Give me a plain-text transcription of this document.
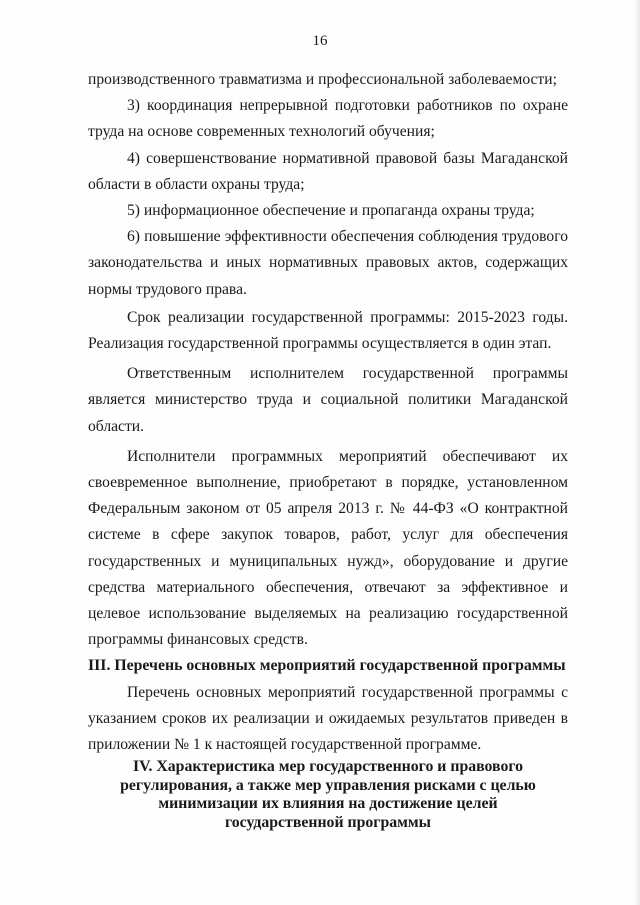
16

производственного травматизма и профессиональной заболеваемости;

3) координация непрерывной подготовки работников по охране труда на основе современных технологий обучения;

4) совершенствование нормативной правовой базы Магаданской области в области охраны труда;

5) информационное обеспечение и пропаганда охраны труда;

6) повышение эффективности обеспечения соблюдения трудового законодательства и иных нормативных правовых актов, содержащих нормы трудового права.

Срок реализации государственной программы: 2015-2023 годы. Реализация государственной программы осуществляется в один этап.

Ответственным исполнителем государственной программы является министерство труда и социальной политики Магаданской области.

Исполнители программных мероприятий обеспечивают их своевременное выполнение, приобретают в порядке, установленном Федеральным законом от 05 апреля 2013 г. № 44-ФЗ «О контрактной системе в сфере закупок товаров, работ, услуг для обеспечения государственных и муниципальных нужд», оборудование и другие средства материального обеспечения, отвечают за эффективное и целевое использование выделяемых на реализацию государственной программы финансовых средств.

III. Перечень основных мероприятий государственной программы

Перечень основных мероприятий государственной программы с указанием сроков их реализации и ожидаемых результатов приведен в приложении № 1 к настоящей государственной программе.

IV. Характеристика мер государственного и правового регулирования, а также мер управления рисками с целью минимизации их влияния на достижение целей государственной программы
